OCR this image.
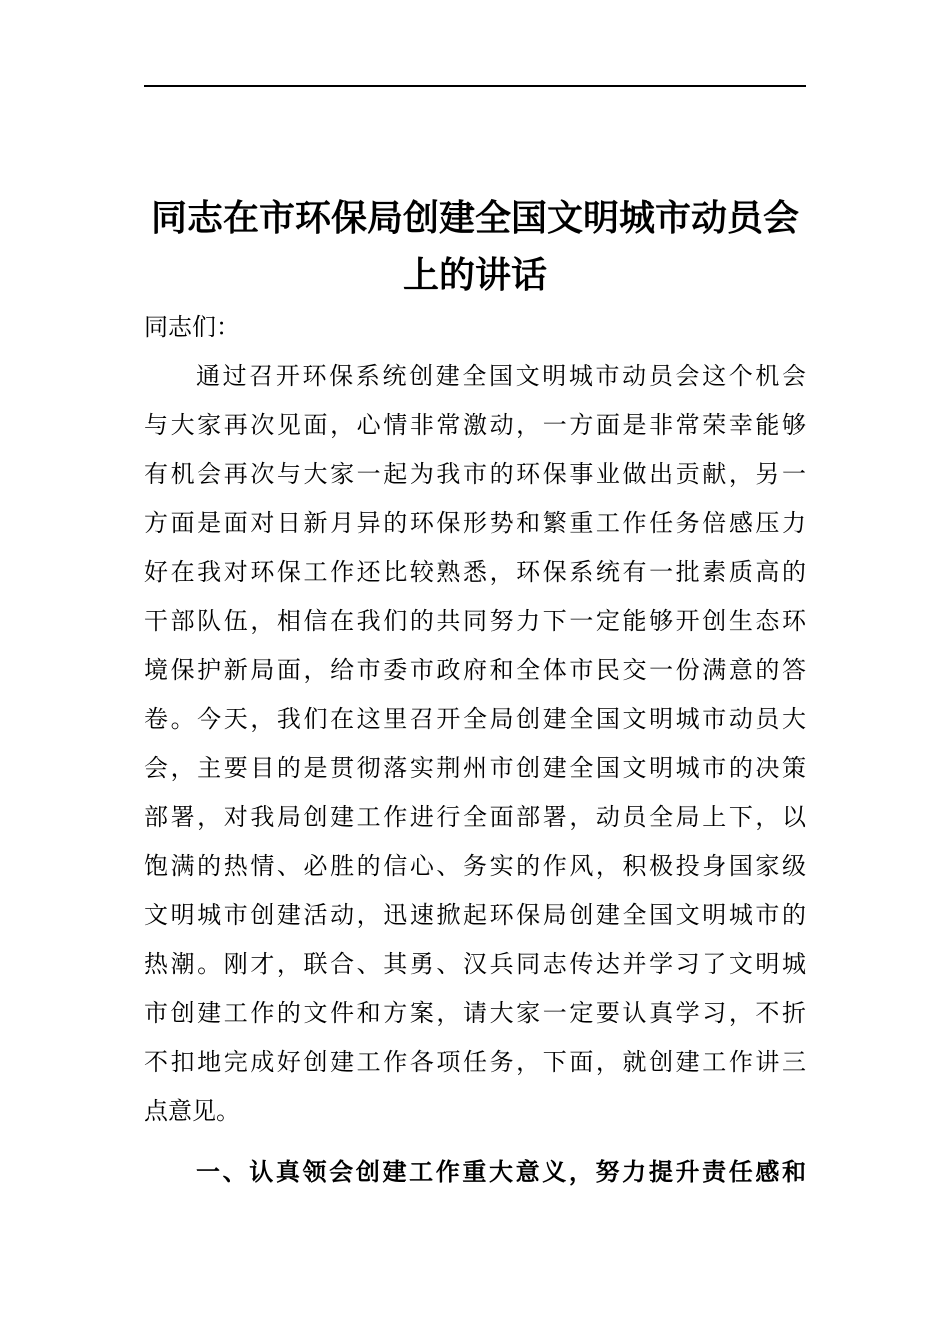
同志在市环保局创建全国文明城市动员会
上的讲话

同志们：

通过召开环保系统创建全国文明城市动员会这个机会
与大家再次见面，心情非常激动，一方面是非常荣幸能够
有机会再次与大家一起为我市的环保事业做出贡献，另一
方面是面对日新月异的环保形势和繁重工作任务倍感压力
好在我对环保工作还比较熟悉，环保系统有一批素质高的
干部队伍，相信在我们的共同努力下一定能够开创生态环
境保护新局面，给市委市政府和全体市民交一份满意的答
卷。今天，我们在这里召开全局创建全国文明城市动员大
会，主要目的是贯彻落实荆州市创建全国文明城市的决策
部署，对我局创建工作进行全面部署，动员全局上下，以
饱满的热情、必胜的信心、务实的作风，积极投身国家级
文明城市创建活动，迅速掀起环保局创建全国文明城市的
热潮。刚才，联合、其勇、汉兵同志传达并学习了文明城
市创建工作的文件和方案，请大家一定要认真学习，不折
不扣地完成好创建工作各项任务，下面，就创建工作讲三
点意见。
一、认真领会创建工作重大意义，努力提升责任感和
